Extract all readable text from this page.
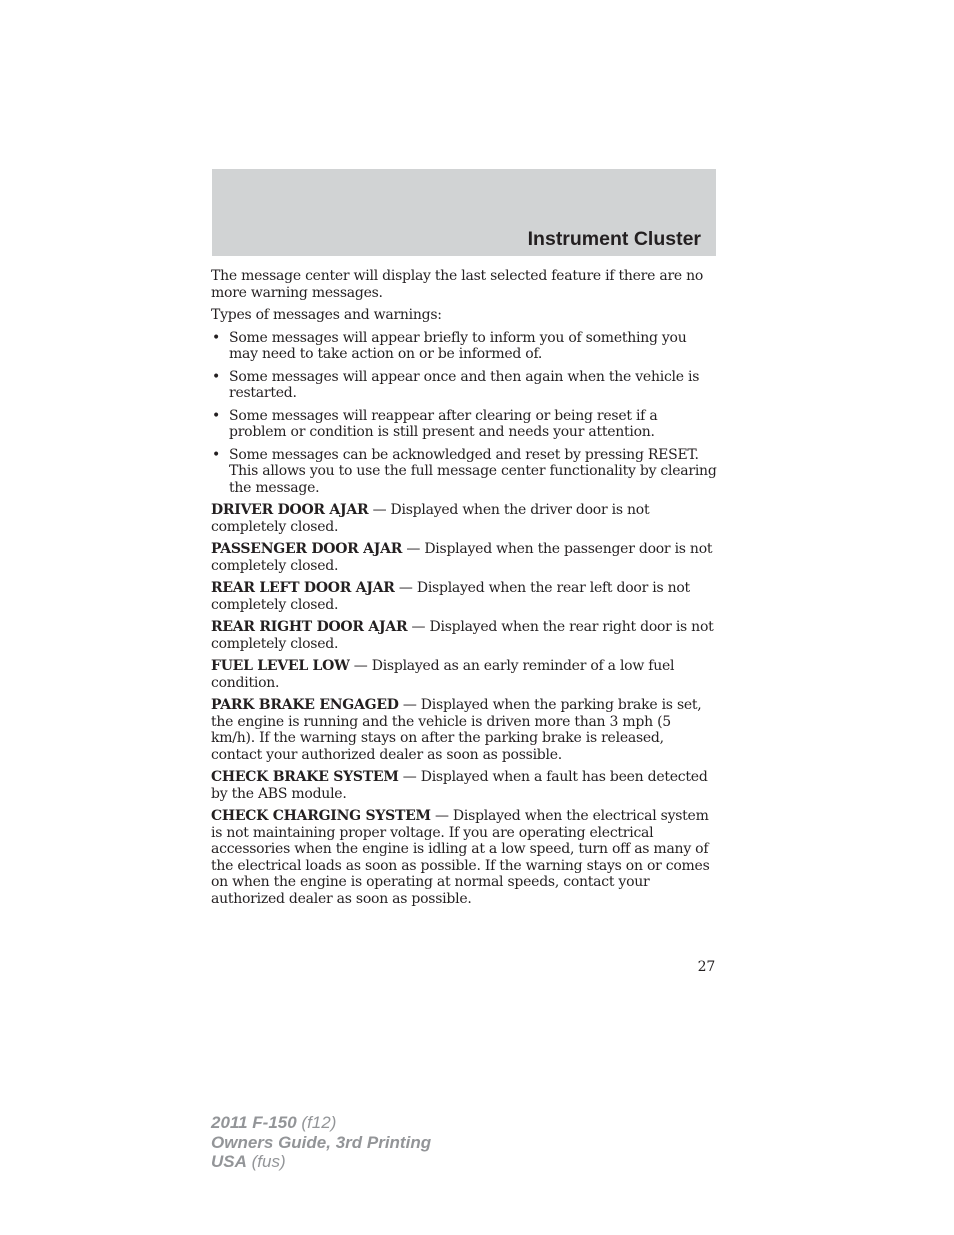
Instrument Cluster

The message center will display the last selected feature if there are no more warning messages.

Types of messages and warnings:

• Some messages will appear briefly to inform you of something you may need to take action on or be informed of.
• Some messages will appear once and then again when the vehicle is restarted.
• Some messages will reappear after clearing or being reset if a problem or condition is still present and needs your attention.
• Some messages can be acknowledged and reset by pressing RESET. This allows you to use the full message center functionality by clearing the message.

DRIVER DOOR AJAR — Displayed when the driver door is not completely closed.

PASSENGER DOOR AJAR — Displayed when the passenger door is not completely closed.

REAR LEFT DOOR AJAR — Displayed when the rear left door is not completely closed.

REAR RIGHT DOOR AJAR — Displayed when the rear right door is not completely closed.

FUEL LEVEL LOW — Displayed as an early reminder of a low fuel condition.

PARK BRAKE ENGAGED — Displayed when the parking brake is set, the engine is running and the vehicle is driven more than 3 mph (5 km/h). If the warning stays on after the parking brake is released, contact your authorized dealer as soon as possible.

CHECK BRAKE SYSTEM — Displayed when a fault has been detected by the ABS module.

CHECK CHARGING SYSTEM — Displayed when the electrical system is not maintaining proper voltage. If you are operating electrical accessories when the engine is idling at a low speed, turn off as many of the electrical loads as soon as possible. If the warning stays on or comes on when the engine is operating at normal speeds, contact your authorized dealer as soon as possible.

27
2011 F-150 (f12)
Owners Guide, 3rd Printing
USA (fus)
